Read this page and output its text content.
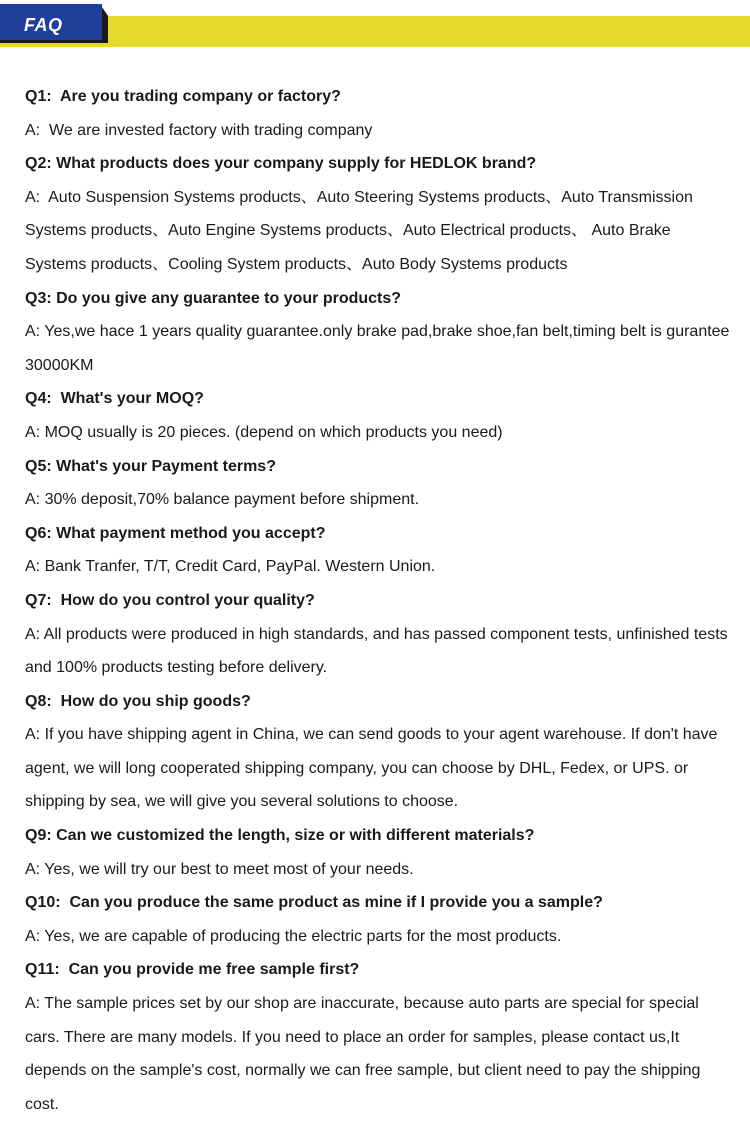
FAQ

Q1:  Are you trading company or factory?

A:  We are invested factory with trading company

Q2: What products does your company supply for HEDLOK brand?

A:  Auto Suspension Systems products、Auto Steering Systems products、Auto Transmission Systems products、Auto Engine Systems products、Auto Electrical products、 Auto Brake Systems products、Cooling System products、Auto Body Systems products

Q3: Do you give any guarantee to your products?

A: Yes,we hace 1 years quality guarantee.only brake pad,brake shoe,fan belt,timing belt is gurantee 30000KM

Q4:  What's your MOQ?

A: MOQ usually is 20 pieces. (depend on which products you need)

Q5: What's your Payment terms?

A: 30% deposit,70% balance payment before shipment.

Q6: What payment method you accept?

A: Bank Tranfer, T/T, Credit Card, PayPal. Western Union.

Q7:  How do you control your quality?

A: All products were produced in high standards, and has passed component tests, unfinished tests and 100% products testing before delivery.

Q8:  How do you ship goods?

A: If you have shipping agent in China, we can send goods to your agent warehouse. If don't have agent, we will long cooperated shipping company, you can choose by DHL, Fedex, or UPS. or shipping by sea, we will give you several solutions to choose.

Q9: Can we customized the length, size or with different materials?

A: Yes, we will try our best to meet most of your needs.

Q10:  Can you produce the same product as mine if I provide you a sample?

A: Yes, we are capable of producing the electric parts for the most products.

Q11:  Can you provide me free sample first?

A: The sample prices set by our shop are inaccurate, because auto parts are special for special cars. There are many models. If you need to place an order for samples, please contact us,It depends on the sample's cost, normally we can free sample, but client need to pay the shipping cost.
